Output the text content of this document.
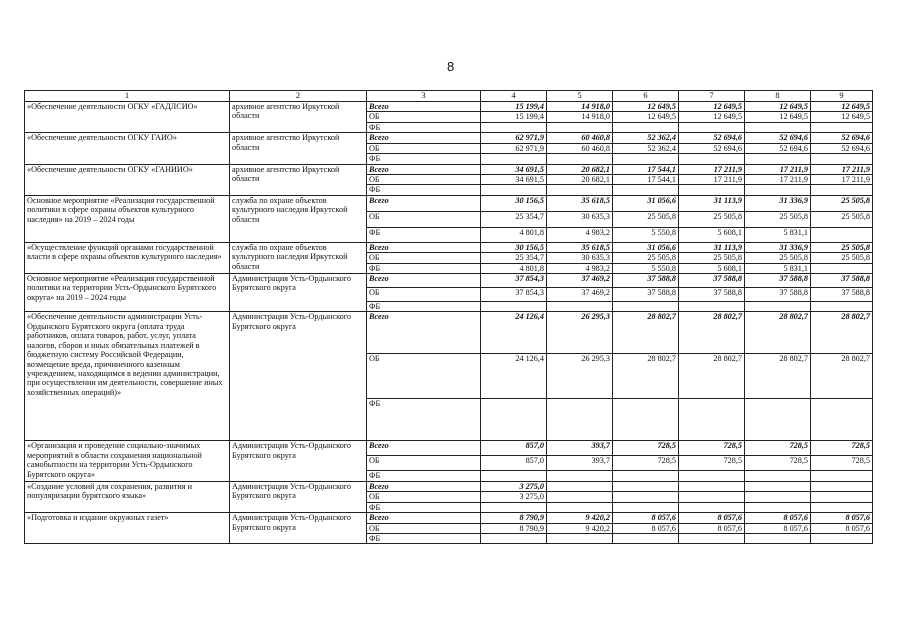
8
1	2	3	4	5	6	7	8	9
«Обеспечение деятельности ОГКУ «ГАДЛСИО»	архивное агентство Иркутской области	Всего	15 199,4	14 918,0	12 649,5	12 649,5	12 649,5	12 649,5
		ОБ	15 199,4	14 918,0	12 649,5	12 649,5	12 649,5	12 649,5
		ФБ						
«Обеспечение деятельности ОГКУ ГАИО»	архивное агентство Иркутской области	Всего	62 971,9	60 460,8	52 362,4	52 694,6	52 694,6	52 694,6
		ОБ	62 971,9	60 460,8	52 362,4	52 694,6	52 694,6	52 694,6
		ФБ						
«Обеспечение деятельности ОГКУ «ГАНИИО»	архивное агентство Иркутской области	Всего	34 691,5	20 682,1	17 544,1	17 211,9	17 211,9	17 211,9
		ОБ	34 691,5	20 682,1	17 544,1	17 211,9	17 211,9	17 211,9
		ФБ						
Основное мероприятие «Реализация государственной политики в сфере охраны объектов культурного наследия» на 2019 – 2024 годы	служба по охране объектов культурного наследия Иркутской области	Всего	30 156,5	35 618,5	31 056,6	31 113,9	31 336,9	25 505,8
		ОБ	25 354,7	30 635,3	25 505,8	25 505,8	25 505,8	25 505,8
		ФБ	4 801,8	4 983,2	5 550,8	5 608,1	5 831,1	
«Осуществление функций органами государственной власти в сфере охраны объектов культурного наследия»	служба по охране объектов культурного наследия Иркутской области	Всего	30 156,5	35 618,5	31 056,6	31 113,9	31 336,9	25 505,8
		ОБ	25 354,7	30 635,3	25 505,8	25 505,8	25 505,8	25 505,8
		ФБ	4 801,8	4 983,2	5 550,8	5 608,1	5 831,1	
Основное мероприятие «Реализация государственной политики на территории Усть-Ордынского Бурятского округа» на 2019 – 2024 годы	Администрация Усть-Ордынского Бурятского округа	Всего	37 854,3	37 469,2	37 588,8	37 588,8	37 588,8	37 588,8
		ОБ	37 854,3	37 469,2	37 588,8	37 588,8	37 588,8	37 588,8
		ФБ						
«Обеспечение деятельности администрации Усть-Ордынского Бурятского округа (оплата труда работников, оплата товаров, работ, услуг, уплата налогов, сборов и иных обязательных платежей в бюджетную систему Российской Федерации, возмещение вреда, причиненного казенным учреждением, находящимся в ведении администрации, при осуществлении им деятельности, совершение иных хозяйственных операций)»	Администрация Усть-Ордынского Бурятского округа	Всего	24 126,4	26 295,3	28 802,7	28 802,7	28 802,7	28 802,7
		ОБ	24 126,4	26 295,3	28 802,7	28 802,7	28 802,7	28 802,7
		ФБ						
«Организация и проведение социально-значимых мероприятий в области сохранения национальной самобытности на территории Усть-Ордынского Бурятского округа»	Администрация Усть-Ордынского Бурятского округа	Всего	857,0	393,7	728,5	728,5	728,5	728,5
		ОБ	857,0	393,7	728,5	728,5	728,5	728,5
		ФБ						
«Создание условий для сохранения, развития и популяризации бурятского языка»	Администрация Усть-Ордынского Бурятского округа	Всего	3 275,0					
		ОБ	3 275,0					
		ФБ						
«Подготовка и издание окружных газет»	Администрация Усть-Ордынского Бурятского округа	Всего	8 790,9	9 420,2	8 057,6	8 057,6	8 057,6	8 057,6
		ОБ	8 790,9	9 420,2	8 057,6	8 057,6	8 057,6	8 057,6
		ФБ						
